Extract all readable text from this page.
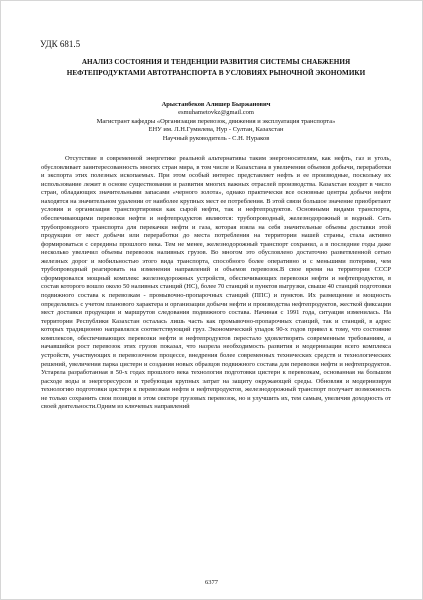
УДК 681.5
АНАЛИЗ СОСТОЯНИЯ И ТЕНДЕНЦИИ РАЗВИТИЯ СИСТЕМЫ СНАБЖЕНИЯ НЕФТЕПРОДУКТАМИ АВТОТРАНСПОРТА В УСЛОВИЯХ РЫНОЧНОЙ ЭКОНОМИКИ
Арыстанбеков Алишер Быржанович
esmuhametovkz@gmail.com
Магистрант кафедры «Организация перевозок, движения и эксплуатация транспорта»
ЕНУ им. Л.Н.Гумилева, Нур - Султан, Казахстан
Научный руководитель - С.Н. Нураков

Отсутствие в современной энергетике реальной альтернативы таким энергоносителям, как нефть, газ и уголь, обусловливает заинтересованность многих стран мира, в том числе и Казахстана в увеличении объемов добычи, переработки и экспорта этих полезных ископаемых. При этом особый интерес представляет нефть и ее производные, поскольку их использование лежит в основе существования и развития многих важных отраслей производства. Казахстан входит в число стран, обладающих значительными запасами «черного золота», однако практически все основные центры добычи нефти находятся на значительном удалении от наиболее крупных мест ее потребления. В этой связи большое значение приобретают условия и организация транспортировки как сырой нефти, так и нефтепродуктов. Основными видами транспорта, обеспечивающими перевозки нефти и нефтепродуктов являются: трубопроводный, железнодорожный и водный. Сеть трубопроводного транспорта для перекачки нефти и газа, которая взяла на себя значительные объемы доставки этой продукции от мест добычи или переработки до места потребления на территории нашей страны, стала активно формироваться с середины прошлого века. Тем не менее, железнодорожный транспорт сохранил, а в последние годы даже несколько увеличил объемы перевозок наливных грузов. Во многом это обусловлено достаточно разветвленной сетью железных дорог и мобильностью этого вида транспорта, способного более оперативно и с меньшими потерями, чем трубопроводный реагировать на изменения направлений и объемов перевозок.В свое время на территории СССР сформировался мощный комплекс железнодорожных устройств, обеспечивающих перевозки нефти и нефтепродуктов, в состав которого вошло около 50 наливных станций (НС), более 70 станций и пунктов выгрузки, свыше 40 станций подготовки подвижного состава к перевозкам - промывочно-пропарочных станций (ППС) и пунктов. Их размещение и мощность определялись с учетом планового характера и организации добычи нефти и производства нефтепродуктов, жесткой фиксации мест доставки продукции и маршрутов следования подвижного состава. Начиная с 1991 года, ситуация изменилась. На территории Республики Казахстан осталась лишь часть как промывочно-пропарочных станций, так и станций, в адрес которых традиционно направлялся соответствующий груз. Экономический упадок 90-х годов привел к тому, что состояние комплексов, обеспечивающих перевозки нефти и нефтепродуктов перестало удовлетворять современным требованиям, а начавшийся рост перевозок этих грузов показал, что назрела необходимость развития и модернизации всего комплекса устройств, участвующих в перевозочном процессе, внедрения более современных технических средств и технологических решений, увеличения парка цистерн и создания новых образцов подвижного состава для перевозки нефти и нефтепродуктов. Устарела разработанная в 50-х годах прошлого века технология подготовки цистерн к перевозкам, основанная на большом расходе воды и энергоресурсов и требующая крупных затрат на защиту окружающей среды. Обновляя и модернизируя технологию подготовки цистерн к перевозкам нефти и нефтепродуктов, железнодорожный транспорт получает возможность не только сохранить свои позиции в этом секторе грузовых перевозок, но и улучшить их, тем самым, увеличив доходность от своей деятельности.Одним из ключевых направлений

6377
